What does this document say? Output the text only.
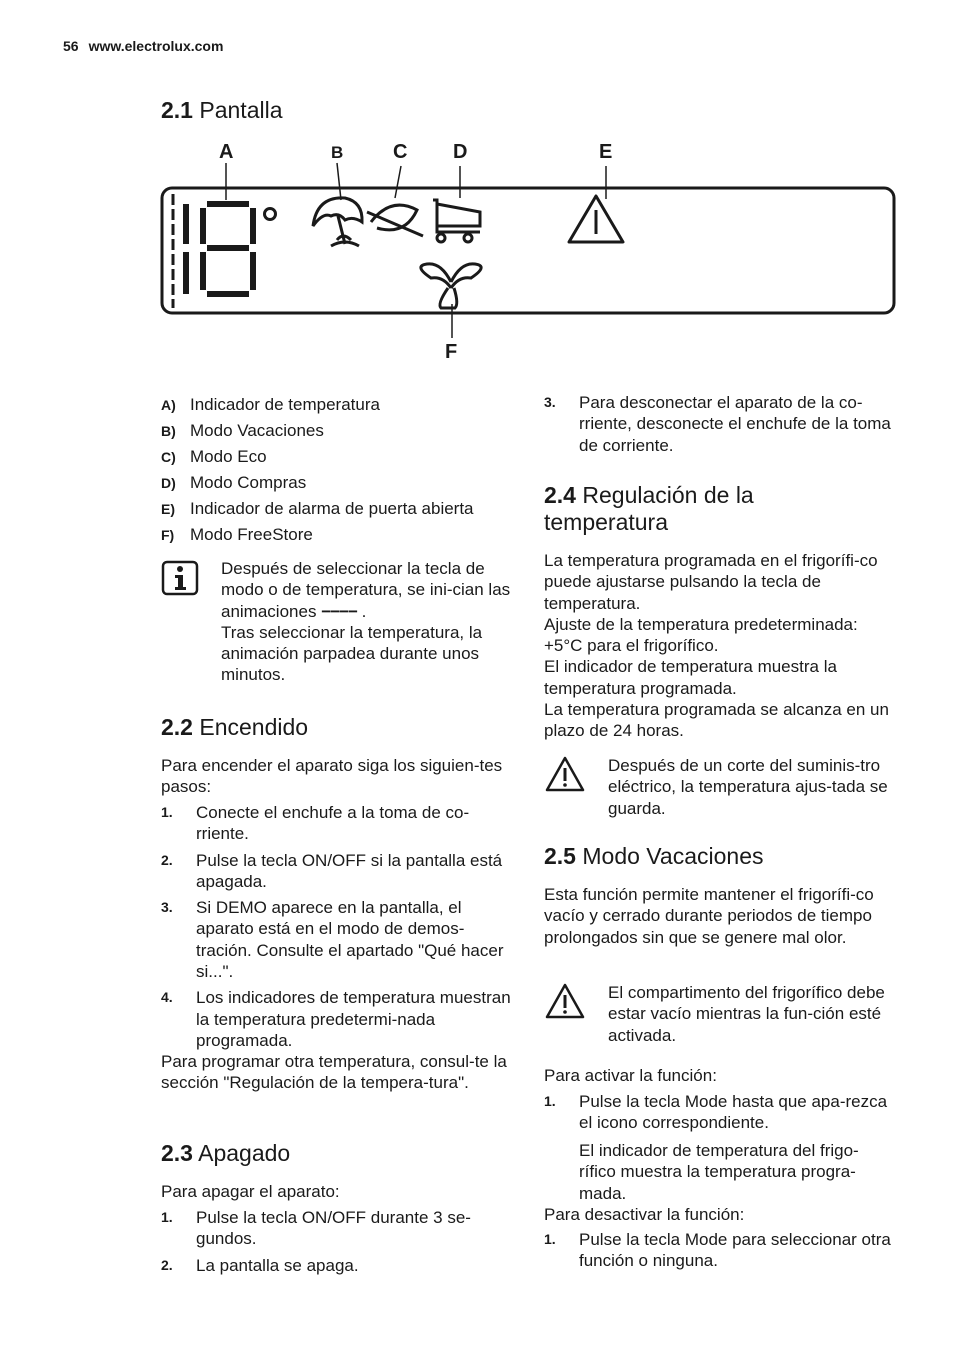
56 www.electrolux.com
2.1 Pantalla
A	B C D	E
F
A) Indicador de temperatura
B) Modo Vacaciones
C) Modo Eco
D) Modo Compras
E) Indicador de alarma de puerta abierta
F) Modo FreeStore
Después de seleccionar la tecla de modo o de temperatura, se ini-cian las animaciones −−−− .
Tras seleccionar la temperatura, la animación parpadea durante unos minutos.
2.2 Encendido

Para encender el aparato siga los siguien-tes pasos:

1.	Conecte el enchufe a la toma de co-rriente.
2.	Pulse la tecla ON/OFF si la pantalla está apagada.
3.	Si DEMO aparece en la pantalla, el aparato está en el modo de demos-tración. Consulte el apartado "Qué hacer si...".
4.	Los indicadores de temperatura muestran la temperatura predetermi-nada programada.

Para programar otra temperatura, consul-te la sección "Regulación de la tempera-tura".

2.3 Apagado

Para apagar el aparato:

1.	Pulse la tecla ON/OFF durante 3 se-gundos.
2.	La pantalla se apaga.
3.	Para desconectar el aparato de la co-rriente, desconecte el enchufe de la toma de corriente.
2.4 Regulación de la
temperatura

La temperatura programada en el frigorífi-co puede ajustarse pulsando la tecla de temperatura.

Ajuste de la temperatura predeterminada: +5°C para el frigorífico.

El indicador de temperatura muestra la temperatura programada.

La temperatura programada se alcanza en un plazo de 24 horas.

Después de un corte del suminis-tro eléctrico, la temperatura ajus-tada se guarda.
2.5 Modo Vacaciones

Esta función permite mantener el frigorífi-co vacío y cerrado durante periodos de tiempo prolongados sin que se genere mal olor.

El compartimento del frigorífico debe estar vacío mientras la fun-ción esté activada.

Para activar la función:

1.	Pulse la tecla Mode hasta que apa-rezca el icono correspondiente.

El indicador de temperatura del frigo-rífico muestra la temperatura progra-mada.

Para desactivar la función:

1.	Pulse la tecla Mode para seleccionar otra función o ninguna.
